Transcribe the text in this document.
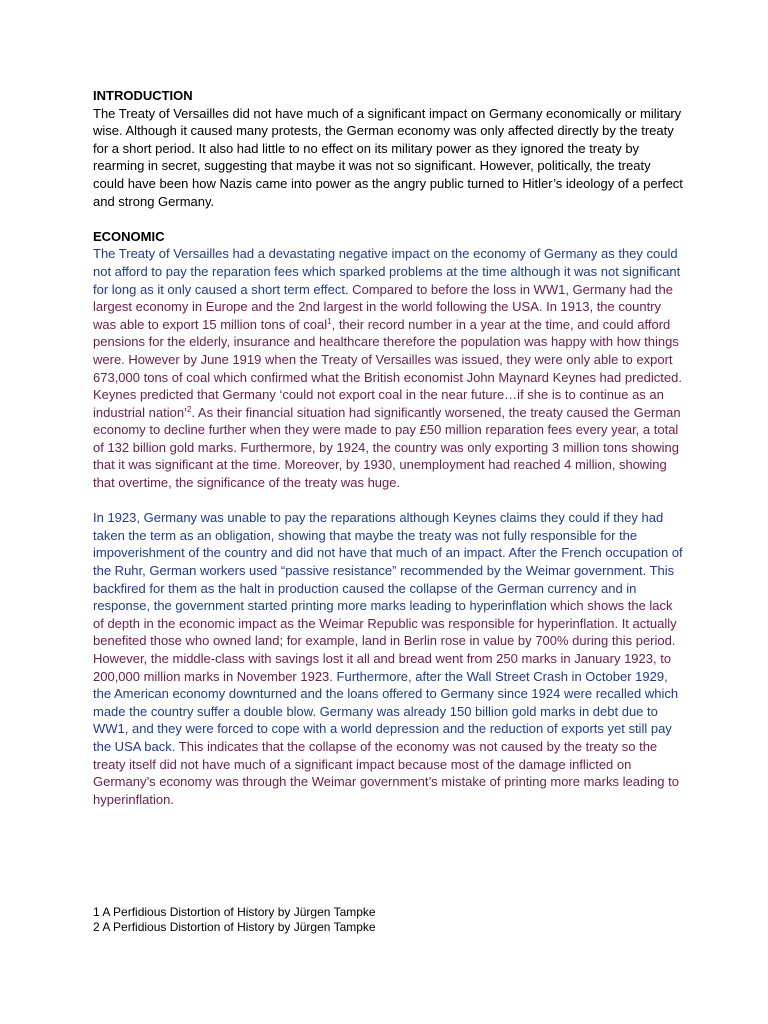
INTRODUCTION

The Treaty of Versailles did not have much of a significant impact on Germany economically or military wise. Although it caused many protests, the German economy was only affected directly by the treaty for a short period. It also had little to no effect on its military power as they ignored the treaty by rearming in secret, suggesting that maybe it was not so significant. However, politically, the treaty could have been how Nazis came into power as the angry public turned to Hitler’s ideology of a perfect and strong Germany.

ECONOMIC

The Treaty of Versailles had a devastating negative impact on the economy of Germany as they could not afford to pay the reparation fees which sparked problems at the time although it was not significant for long as it only caused a short term effect. Compared to before the loss in WW1, Germany had the largest economy in Europe and the 2nd largest in the world following the USA. In 1913, the country was able to export 15 million tons of coal$^1$, their record number in a year at the time, and could afford pensions for the elderly, insurance and healthcare therefore the population was happy with how things were. However by June 1919 when the Treaty of Versailles was issued, they were only able to export 673,000 tons of coal which confirmed what the British economist John Maynard Keynes had predicted. Keynes predicted that Germany ‘could not export coal in the near future…if she is to continue as an industrial nation’$^2$. As their financial situation had significantly worsened, the treaty caused the German economy to decline further when they were made to pay £50 million reparation fees every year, a total of 132 billion gold marks. Furthermore, by 1924, the country was only exporting 3 million tons showing that it was significant at the time. Moreover, by 1930, unemployment had reached 4 million, showing that overtime, the significance of the treaty was huge.

In 1923, Germany was unable to pay the reparations although Keynes claims they could if they had taken the term as an obligation, showing that maybe the treaty was not fully responsible for the impoverishment of the country and did not have that much of an impact. After the French occupation of the Ruhr, German workers used “passive resistance” recommended by the Weimar government. This backfired for them as the halt in production caused the collapse of the German currency and in response, the government started printing more marks leading to hyperinflation which shows the lack of depth in the economic impact as the Weimar Republic was responsible for hyperinflation. It actually benefited those who owned land; for example, land in Berlin rose in value by 700% during this period. However, the middle-class with savings lost it all and bread went from 250 marks in January 1923, to 200,000 million marks in November 1923. Furthermore, after the Wall Street Crash in October 1929, the American economy downturned and the loans offered to Germany since 1924 were recalled which made the country suffer a double blow. Germany was already 150 billion gold marks in debt due to WW1, and they were forced to cope with a world depression and the reduction of exports yet still pay the USA back. This indicates that the collapse of the economy was not caused by the treaty so the treaty itself did not have much of a significant impact because most of the damage inflicted on Germany’s economy was through the Weimar government’s mistake of printing more marks leading to hyperinflation.

1 A Perfidious Distortion of History by Jürgen Tampke
2 A Perfidious Distortion of History by Jürgen Tampke
